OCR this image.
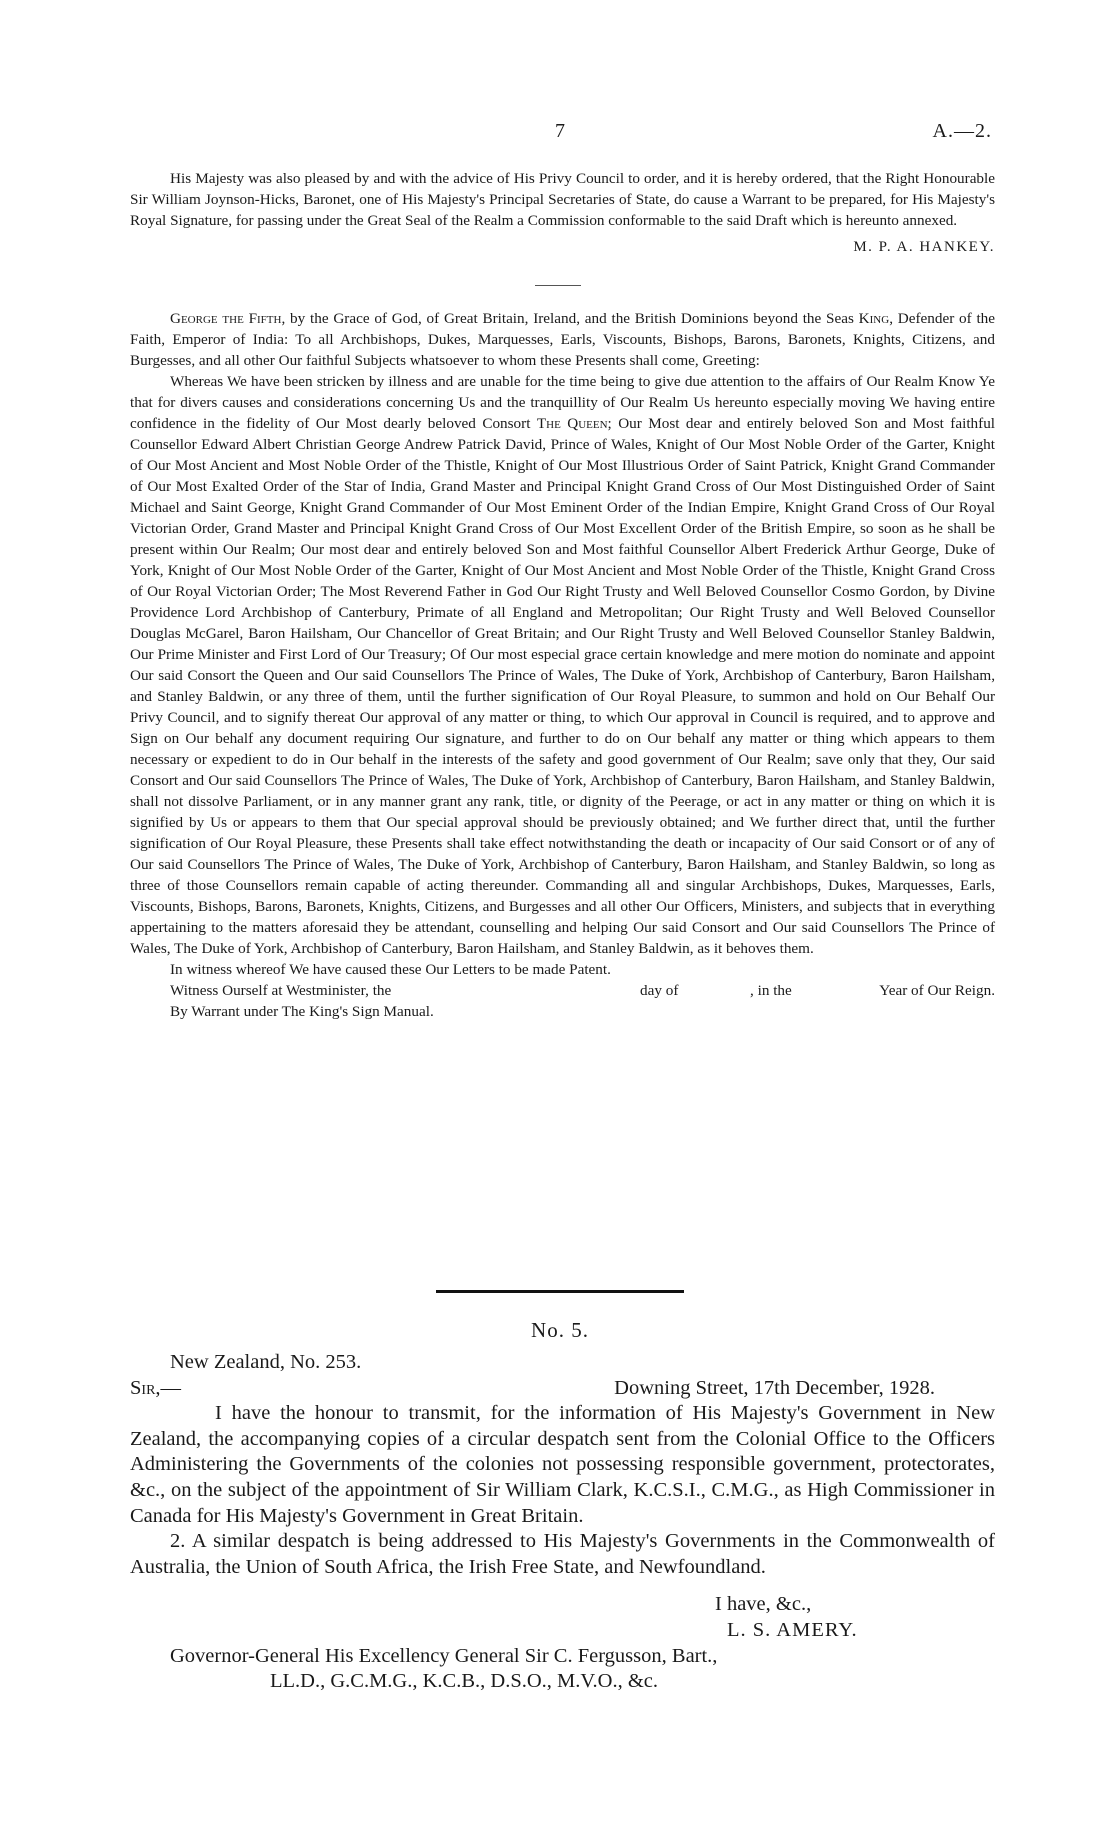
7	A.—2.

His Majesty was also pleased by and with the advice of His Privy Council to order, and it is hereby ordered, that the Right Honourable Sir William Joynson-Hicks, Baronet, one of His Majesty's Principal Secretaries of State, do cause a Warrant to be prepared, for His Majesty's Royal Signature, for passing under the Great Seal of the Realm a Commission conformable to the said Draft which is hereunto annexed.

M. P. A. HANKEY.

George the Fifth, by the Grace of God, of Great Britain, Ireland, and the British Dominions beyond the Seas King, Defender of the Faith, Emperor of India: To all Archbishops, Dukes, Marquesses, Earls, Viscounts, Bishops, Barons, Baronets, Knights, Citizens, and Burgesses, and all other Our faithful Subjects whatsoever to whom these Presents shall come, Greeting:

Whereas We have been stricken by illness and are unable for the time being to give due attention to the affairs of Our Realm Know Ye that for divers causes and considerations concerning Us and the tranquillity of Our Realm Us hereunto especially moving We having entire confidence in the fidelity of Our Most dearly beloved Consort The Queen; Our Most dear and entirely beloved Son and Most faithful Counsellor Edward Albert Christian George Andrew Patrick David, Prince of Wales, Knight of Our Most Noble Order of the Garter, Knight of Our Most Ancient and Most Noble Order of the Thistle, Knight of Our Most Illustrious Order of Saint Patrick, Knight Grand Commander of Our Most Exalted Order of the Star of India, Grand Master and Principal Knight Grand Cross of Our Most Distinguished Order of Saint Michael and Saint George, Knight Grand Commander of Our Most Eminent Order of the Indian Empire, Knight Grand Cross of Our Royal Victorian Order, Grand Master and Principal Knight Grand Cross of Our Most Excellent Order of the British Empire, so soon as he shall be present within Our Realm; Our most dear and entirely beloved Son and Most faithful Counsellor Albert Frederick Arthur George, Duke of York, Knight of Our Most Noble Order of the Garter, Knight of Our Most Ancient and Most Noble Order of the Thistle, Knight Grand Cross of Our Royal Victorian Order; The Most Reverend Father in God Our Right Trusty and Well Beloved Counsellor Cosmo Gordon, by Divine Providence Lord Archbishop of Canterbury, Primate of all England and Metropolitan; Our Right Trusty and Well Beloved Counsellor Douglas McGarel, Baron Hailsham, Our Chancellor of Great Britain; and Our Right Trusty and Well Beloved Counsellor Stanley Baldwin, Our Prime Minister and First Lord of Our Treasury; Of Our most especial grace certain knowledge and mere motion do nominate and appoint Our said Consort the Queen and Our said Counsellors The Prince of Wales, The Duke of York, Archbishop of Canterbury, Baron Hailsham, and Stanley Baldwin, or any three of them, until the further signification of Our Royal Pleasure, to summon and hold on Our Behalf Our Privy Council, and to signify thereat Our approval of any matter or thing, to which Our approval in Council is required, and to approve and Sign on Our behalf any document requiring Our signature, and further to do on Our behalf any matter or thing which appears to them necessary or expedient to do in Our behalf in the interests of the safety and good government of Our Realm; save only that they, Our said Consort and Our said Counsellors The Prince of Wales, The Duke of York, Archbishop of Canterbury, Baron Hailsham, and Stanley Baldwin, shall not dissolve Parliament, or in any manner grant any rank, title, or dignity of the Peerage, or act in any matter or thing on which it is signified by Us or appears to them that Our special approval should be previously obtained; and We further direct that, until the further signification of Our Royal Pleasure, these Presents shall take effect notwithstanding the death or incapacity of Our said Consort or of any of Our said Counsellors The Prince of Wales, The Duke of York, Archbishop of Canterbury, Baron Hailsham, and Stanley Baldwin, so long as three of those Counsellors remain capable of acting thereunder. Commanding all and singular Archbishops, Dukes, Marquesses, Earls, Viscounts, Bishops, Barons, Baronets, Knights, Citizens, and Burgesses and all other Our Officers, Ministers, and subjects that in everything appertaining to the matters aforesaid they be attendant, counselling and helping Our said Consort and Our said Counsellors The Prince of Wales, The Duke of York, Archbishop of Canterbury, Baron Hailsham, and Stanley Baldwin, as it behoves them.

In witness whereof We have caused these Our Letters to be made Patent.

Witness Ourself at Westminister, the	day of	, in the	Year of Our Reign.

By Warrant under The King's Sign Manual.

No. 5.
New Zealand, No. 253.
Sir,—	Downing Street, 17th December, 1928.

I have the honour to transmit, for the information of His Majesty's Government in New Zealand, the accompanying copies of a circular despatch sent from the Colonial Office to the Officers Administering the Governments of the colonies not possessing responsible government, protectorates, &c., on the subject of the appointment of Sir William Clark, K.C.S.I., C.M.G., as High Commissioner in Canada for His Majesty's Government in Great Britain.

2. A similar despatch is being addressed to His Majesty's Governments in the Commonwealth of Australia, the Union of South Africa, the Irish Free State, and Newfoundland.

I have, &c.,
L. S. AMERY.
Governor-General His Excellency General Sir C. Fergusson, Bart.,
LL.D., G.C.M.G., K.C.B., D.S.O., M.V.O., &c.
